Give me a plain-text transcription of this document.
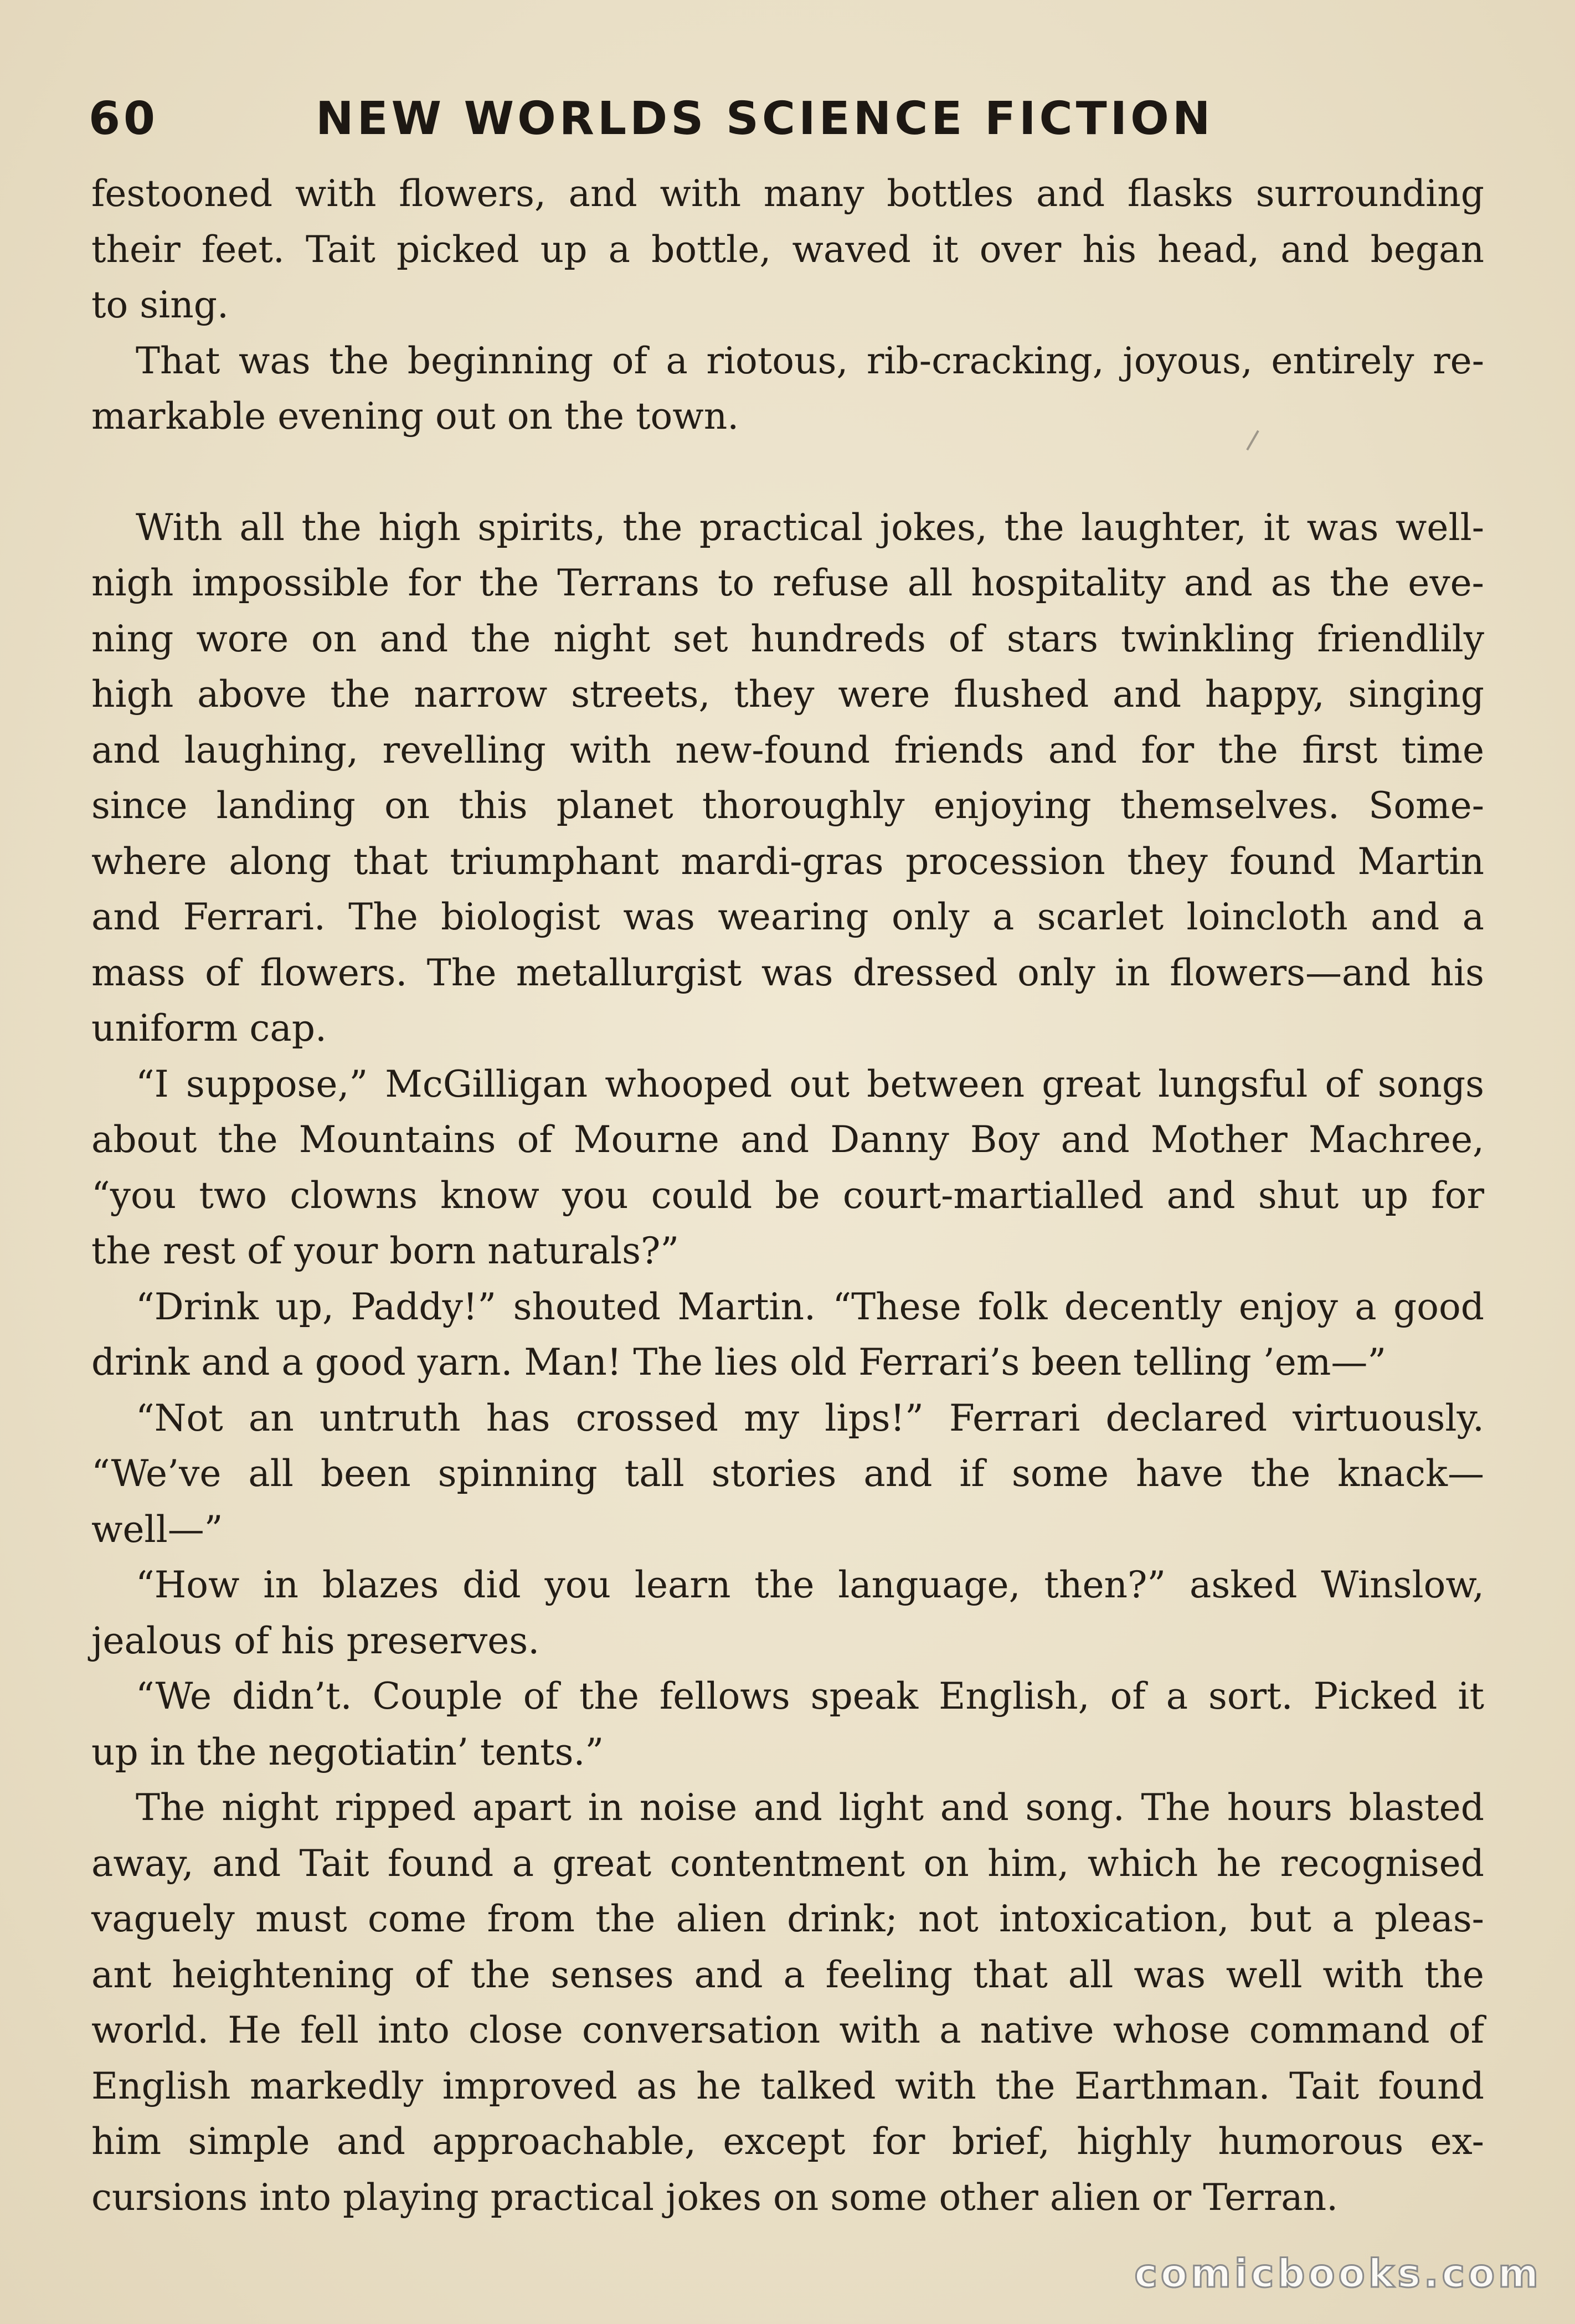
60	NEW WORLDS SCIENCE FICTION

festooned with flowers, and with many bottles and flasks surrounding
their feet. Tait picked up a bottle, waved it over his head, and began
to sing.

That was the beginning of a riotous, rib-cracking, joyous, entirely re-
markable evening out on the town.

With all the high spirits, the practical jokes, the laughter, it was well-
nigh impossible for the Terrans to refuse all hospitality and as the eve-
ning wore on and the night set hundreds of stars twinkling friendlily
high above the narrow streets, they were flushed and happy, singing
and laughing, revelling with new-found friends and for the first time
since landing on this planet thoroughly enjoying themselves. Some-
where along that triumphant mardi-gras procession they found Martin
and Ferrari. The biologist was wearing only a scarlet loincloth and a
mass of flowers. The metallurgist was dressed only in flowers—and his
uniform cap.

“I suppose,” McGilligan whooped out between great lungsful of songs
about the Mountains of Mourne and Danny Boy and Mother Machree,
“you two clowns know you could be court-martialled and shut up for
the rest of your born naturals?”

“Drink up, Paddy!” shouted Martin. “These folk decently enjoy a good
drink and a good yarn. Man! The lies old Ferrari’s been telling ’em—”

“Not an untruth has crossed my lips!” Ferrari declared virtuously.
“We’ve all been spinning tall stories and if some have the knack—
well—”

“How in blazes did you learn the language, then?” asked Winslow,
jealous of his preserves.

“We didn’t. Couple of the fellows speak English, of a sort. Picked it
up in the negotiatin’ tents.”

The night ripped apart in noise and light and song. The hours blasted
away, and Tait found a great contentment on him, which he recognised
vaguely must come from the alien drink; not intoxication, but a pleas-
ant heightening of the senses and a feeling that all was well with the
world. He fell into close conversation with a native whose command of
English markedly improved as he talked with the Earthman. Tait found
him simple and approachable, except for brief, highly humorous ex-
cursions into playing practical jokes on some other alien or Terran.

comicbooks.com
